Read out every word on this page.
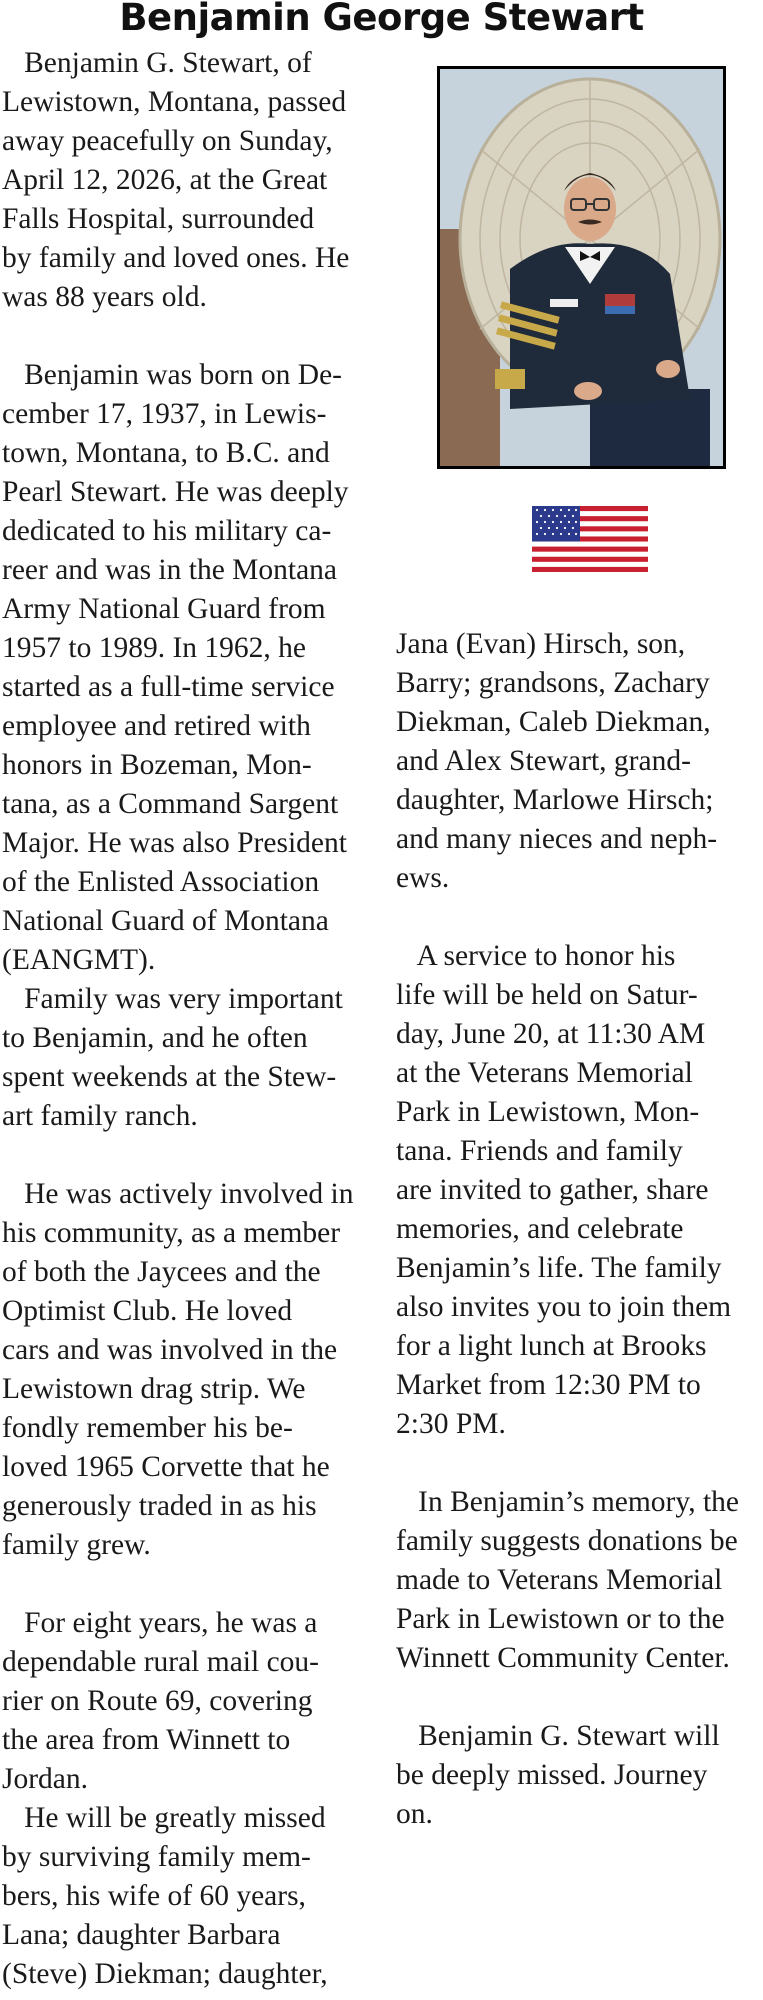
Benjamin George Stewart

Benjamin G. Stewart, of
Lewistown, Montana, passed
away peacefully on Sunday,
April 12, 2026, at the Great
Falls Hospital, surrounded
by family and loved ones. He
was 88 years old.

Benjamin was born on De-
cember 17, 1937, in Lewis-
town, Montana, to B.C. and
Pearl Stewart. He was deeply
dedicated to his military ca-
reer and was in the Montana
Army National Guard from
1957 to 1989. In 1962, he
started as a full-time service
employee and retired with
honors in Bozeman, Mon-
tana, as a Command Sargent
Major. He was also President
of the Enlisted Association
National Guard of Montana
(EANGMT).

Family was very important
to Benjamin, and he often
spent weekends at the Stew-
art family ranch.

He was actively involved in
his community, as a member
of both the Jaycees and the
Optimist Club. He loved
cars and was involved in the
Lewistown drag strip. We
fondly remember his be-
loved 1965 Corvette that he
generously traded in as his
family grew.

For eight years, he was a
dependable rural mail cou-
rier on Route 69, covering
the area from Winnett to
Jordan.

He will be greatly missed
by surviving family mem-
bers, his wife of 60 years,
Lana; daughter Barbara
(Steve) Diekman; daughter,

Jana (Evan) Hirsch, son,
Barry; grandsons, Zachary
Diekman, Caleb Diekman,
and Alex Stewart, grand-
daughter, Marlowe Hirsch;
and many nieces and neph-
ews.

A service to honor his
life will be held on Satur-
day, June 20, at 11:30 AM
at the Veterans Memorial
Park in Lewistown, Mon-
tana. Friends and family
are invited to gather, share
memories, and celebrate
Benjamin’s life. The family
also invites you to join them
for a light lunch at Brooks
Market from 12:30 PM to
2:30 PM.

In Benjamin’s memory, the
family suggests donations be
made to Veterans Memorial
Park in Lewistown or to the
Winnett Community Center.

Benjamin G. Stewart will
be deeply missed. Journey
on.
